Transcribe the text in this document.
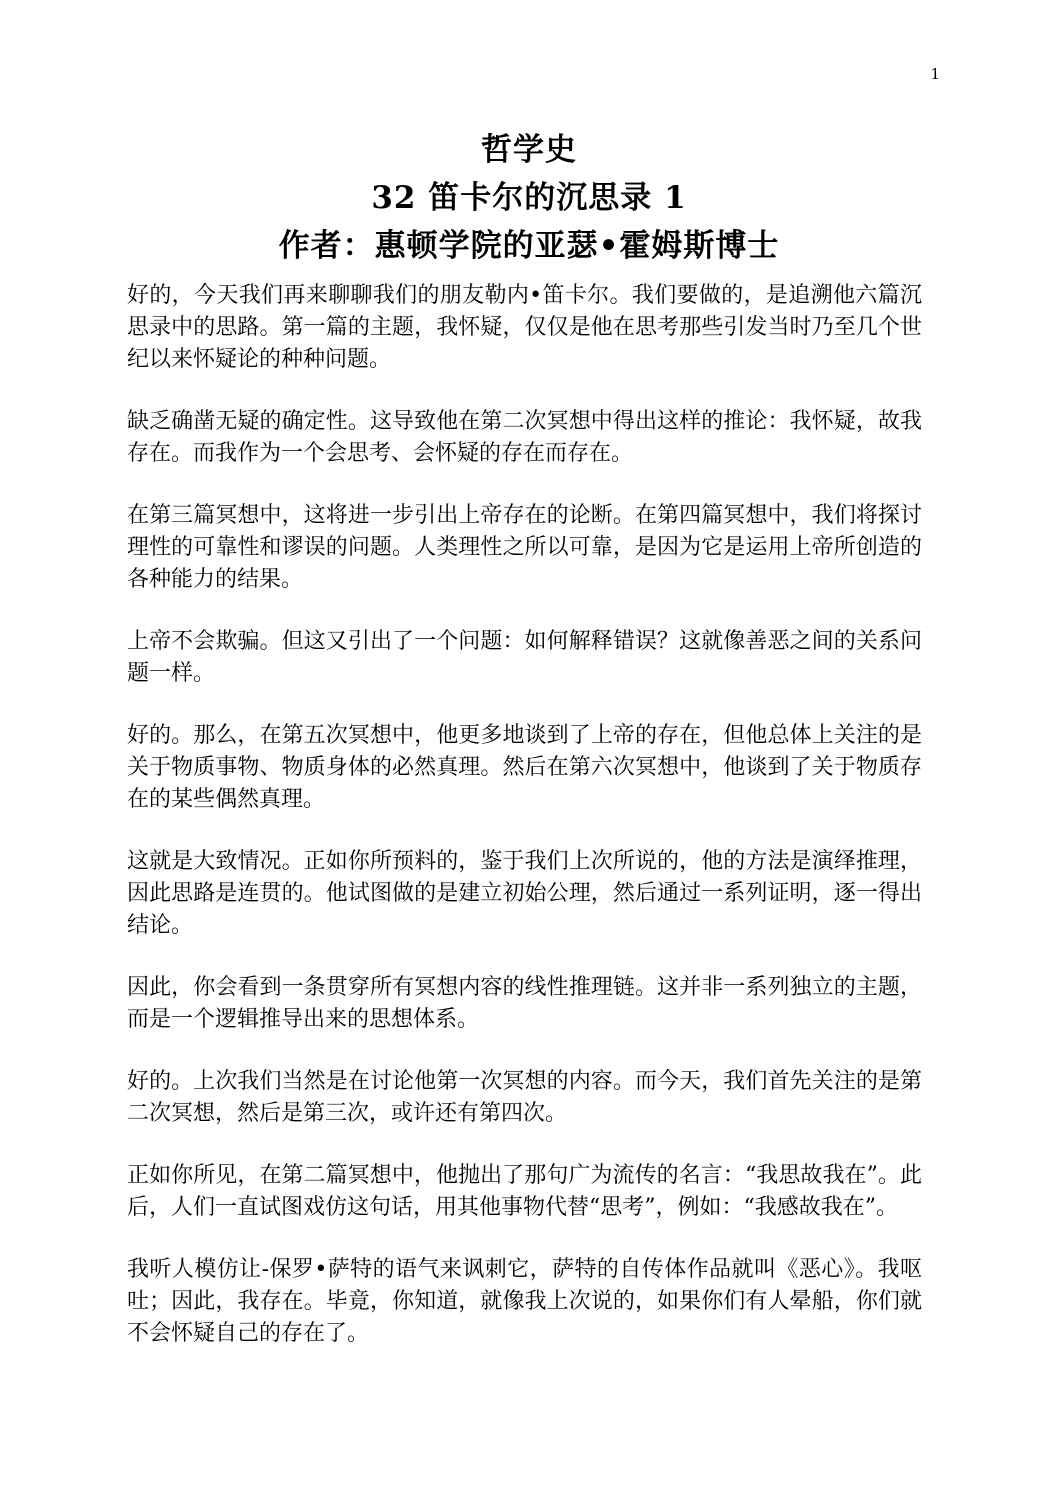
1

哲学史

32 笛卡尔的沉思录 1

作者：惠顿学院的亚瑟•霍姆斯博士

好的，今天我们再来聊聊我们的朋友勒内•笛卡尔。我们要做的，是追溯他六篇沉思录中的思路。第一篇的主题，我怀疑，仅仅是他在思考那些引发当时乃至几个世纪以来怀疑论的种种问题。

缺乏确凿无疑的确定性。这导致他在第二次冥想中得出这样的推论：我怀疑，故我存在。而我作为一个会思考、会怀疑的存在而存在。

在第三篇冥想中，这将进一步引出上帝存在的论断。在第四篇冥想中，我们将探讨理性的可靠性和谬误的问题。人类理性之所以可靠，是因为它是运用上帝所创造的各种能力的结果。

上帝不会欺骗。但这又引出了一个问题：如何解释错误？这就像善恶之间的关系问题一样。

好的。那么，在第五次冥想中，他更多地谈到了上帝的存在，但他总体上关注的是关于物质事物、物质身体的必然真理。然后在第六次冥想中，他谈到了关于物质存在的某些偶然真理。

这就是大致情况。正如你所预料的，鉴于我们上次所说的，他的方法是演绎推理，因此思路是连贯的。他试图做的是建立初始公理，然后通过一系列证明，逐一得出结论。

因此，你会看到一条贯穿所有冥想内容的线性推理链。这并非一系列独立的主题，而是一个逻辑推导出来的思想体系。

好的。上次我们当然是在讨论他第一次冥想的内容。而今天，我们首先关注的是第二次冥想，然后是第三次，或许还有第四次。

正如你所见，在第二篇冥想中，他抛出了那句广为流传的名言：“我思故我在”。此后，人们一直试图戏仿这句话，用其他事物代替“思考”，例如：“我感故我在”。

我听人模仿让-保罗•萨特的语气来讽刺它，萨特的自传体作品就叫《恶心》。我呕吐；因此，我存在。毕竟，你知道，就像我上次说的，如果你们有人晕船，你们就不会怀疑自己的存在了。
